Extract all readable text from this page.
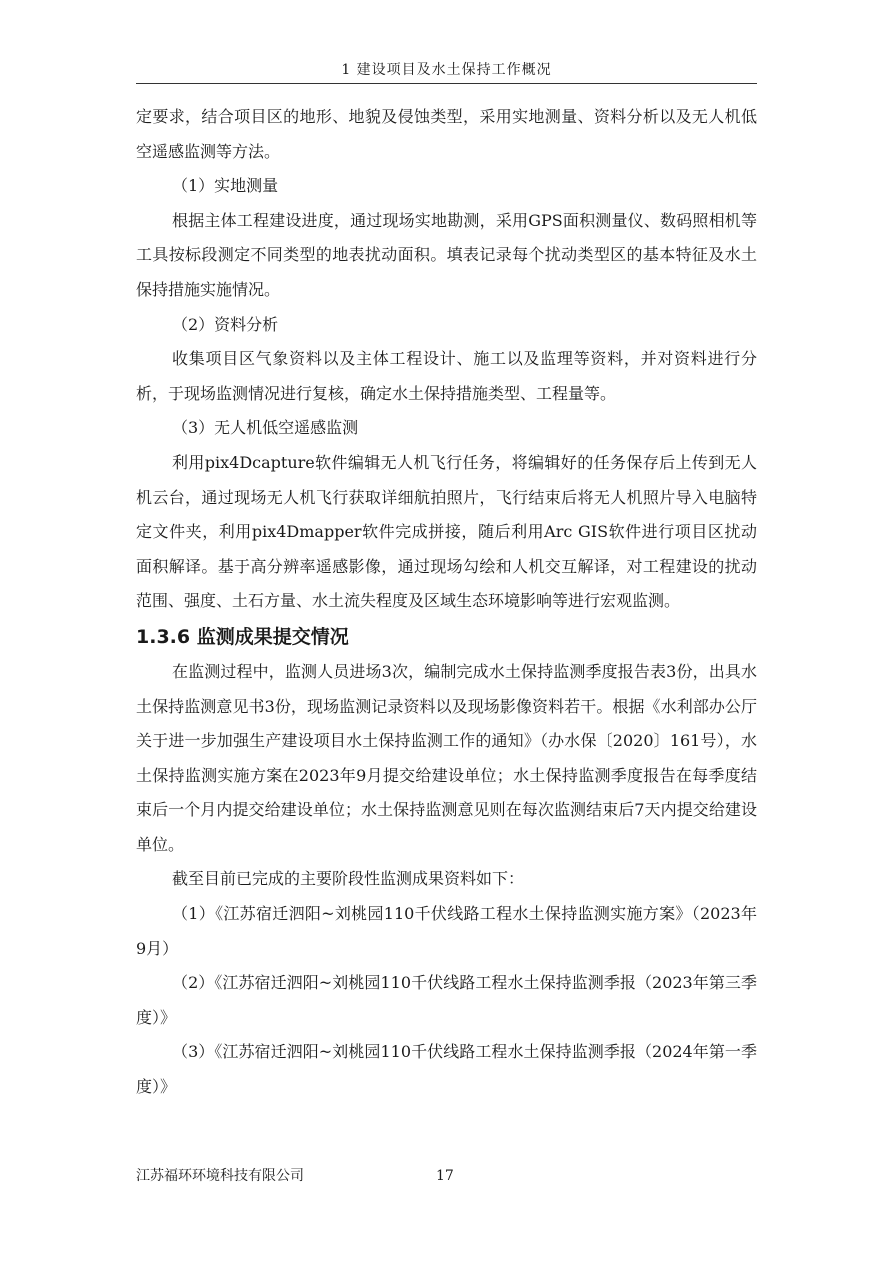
1 建设项目及水土保持工作概况

定要求，结合项目区的地形、地貌及侵蚀类型，采用实地测量、资料分析以及无人机低空遥感监测等方法。

（1）实地测量

根据主体工程建设进度，通过现场实地勘测，采用GPS面积测量仪、数码照相机等工具按标段测定不同类型的地表扰动面积。填表记录每个扰动类型区的基本特征及水土保持措施实施情况。

（2）资料分析

收集项目区气象资料以及主体工程设计、施工以及监理等资料，并对资料进行分析，于现场监测情况进行复核，确定水土保持措施类型、工程量等。

（3）无人机低空遥感监测

利用pix4Dcapture软件编辑无人机飞行任务，将编辑好的任务保存后上传到无人机云台，通过现场无人机飞行获取详细航拍照片，飞行结束后将无人机照片导入电脑特定文件夹，利用pix4Dmapper软件完成拼接，随后利用Arc GIS软件进行项目区扰动面积解译。基于高分辨率遥感影像，通过现场勾绘和人机交互解译，对工程建设的扰动范围、强度、土石方量、水土流失程度及区域生态环境影响等进行宏观监测。

1.3.6 监测成果提交情况

在监测过程中，监测人员进场3次，编制完成水土保持监测季度报告表3份，出具水土保持监测意见书3份，现场监测记录资料以及现场影像资料若干。根据《水利部办公厅关于进一步加强生产建设项目水土保持监测工作的通知》（办水保〔2020〕161号），水土保持监测实施方案在2023年9月提交给建设单位；水土保持监测季度报告在每季度结束后一个月内提交给建设单位；水土保持监测意见则在每次监测结束后7天内提交给建设单位。

截至目前已完成的主要阶段性监测成果资料如下：

（1）《江苏宿迁泗阳~刘桃园110千伏线路工程水土保持监测实施方案》（2023年9月）

（2）《江苏宿迁泗阳~刘桃园110千伏线路工程水土保持监测季报（2023年第三季度）》

（3）《江苏宿迁泗阳~刘桃园110千伏线路工程水土保持监测季报（2024年第一季度）》

江苏福环环境科技有限公司	17
